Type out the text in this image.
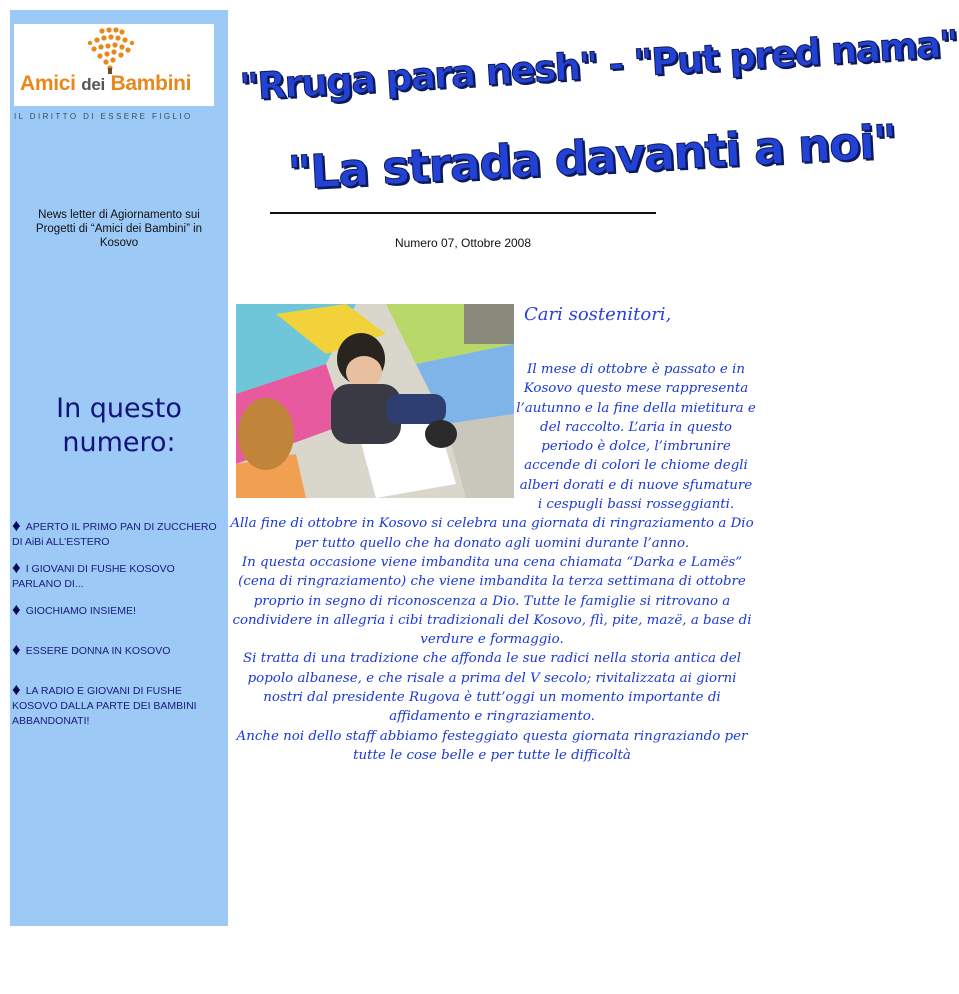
Amici dei Bambini
IL DIRITTO DI ESSERE FIGLIO
News letter di Agiornamento sui Progetti di “Amici dei Bambini” in Kosovo
In questo
numero:
♦ APERTO IL PRIMO PAN DI ZUCCHERO DI AiBi ALL’ESTERO
♦ I GIOVANI DI FUSHE KOSOVO PARLANO DI...
♦ GIOCHIAMO INSIEME!
♦ ESSERE DONNA IN KOSOVO
♦ LA RADIO E GIOVANI DI FUSHE KOSOVO DALLA PARTE DEI BAMBINI ABBANDONATI!
"Rruga para nesh" - "Put pred nama"
"La strada davanti a noi"
Numero 07, Ottobre 2008
Cari sostenitori,

Il mese di ottobre è passato e in Kosovo questo mese rappresenta l’autunno e la fine della mietitura e del raccolto. L’aria in questo periodo è dolce, l’imbrunire accende di colori le chiome degli alberi dorati e di nuove sfumature i cespugli bassi rosseggianti.

Alla fine di ottobre in Kosovo si celebra una giornata di ringraziamento a Dio per tutto quello che ha donato agli uomini durante l’anno.

In questa occasione viene imbandita una cena chiamata “Darka e Lamës” (cena di ringraziamento) che viene imbandita la terza settimana di ottobre proprio in segno di riconoscenza a Dio. Tutte le famiglie si ritrovano a condividere in allegria i cibi tradizionali del Kosovo, flì, pite, mazë, a base di verdure e formaggio.

Si tratta di una tradizione che affonda le sue radici nella storia antica del popolo albanese, e che risale a prima del V secolo; rivitalizzata ai giorni nostri dal presidente Rugova è tutt’oggi un momento importante di affidamento e ringraziamento.

Anche noi dello staff abbiamo festeggiato questa giornata ringraziando per tutte le cose belle e per tutte le difficoltà
